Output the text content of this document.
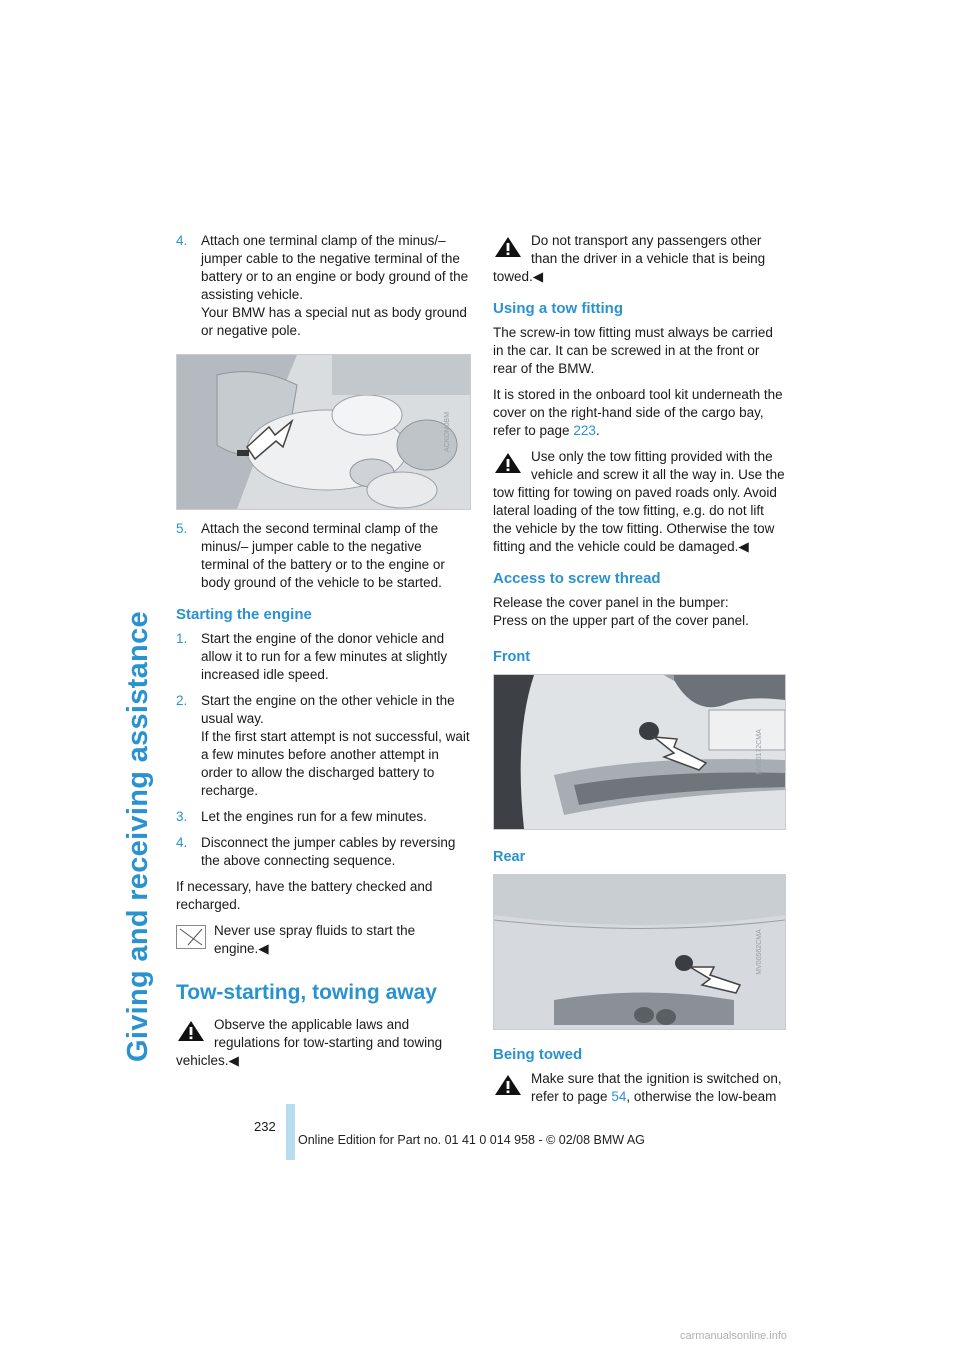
Giving and receiving assistance
4. Attach one terminal clamp of the minus/– jumper cable to the negative terminal of the battery or to an engine or body ground of the assisting vehicle.
Your BMW has a special nut as body ground or negative pole.
ACKOM0BM
5. Attach the second terminal clamp of the minus/– jumper cable to the negative terminal of the battery or to the engine or body ground of the vehicle to be started.
Starting the engine
1. Start the engine of the donor vehicle and allow it to run for a few minutes at slightly increased idle speed.
2. Start the engine on the other vehicle in the usual way.
If the first start attempt is not successful, wait a few minutes before another attempt in order to allow the discharged battery to recharge.
3. Let the engines run for a few minutes.
4. Disconnect the jumper cables by reversing the above connecting sequence.

If necessary, have the battery checked and recharged.

Never use spray fluids to start the engine.◀
Tow-starting, towing away
Observe the applicable laws and regulations for tow-starting and towing vehicles.◀
Do not transport any passengers other than the driver in a vehicle that is being towed.◀
Using a tow fitting

The screw-in tow fitting must always be carried in the car. It can be screwed in at the front or rear of the BMW.

It is stored in the onboard tool kit underneath the cover on the right-hand side of the cargo bay, refer to page 223.

Use only the tow fitting provided with the vehicle and screw it all the way in. Use the tow fitting for towing on paved roads only. Avoid lateral loading of the tow fitting, e.g. do not lift the vehicle by the tow fitting. Otherwise the tow fitting and the vehicle could be damaged.◀
Access to screw thread
Release the cover panel in the bumper:

Press on the upper part of the cover panel.

Front
MV00172CMA
Rear
MV00562CMA
Being towed
Make sure that the ignition is switched on, refer to page 54, otherwise the low-beam
232
Online Edition for Part no. 01 41 0 014 958 - © 02/08 BMW AG
carmanualsonline.info
